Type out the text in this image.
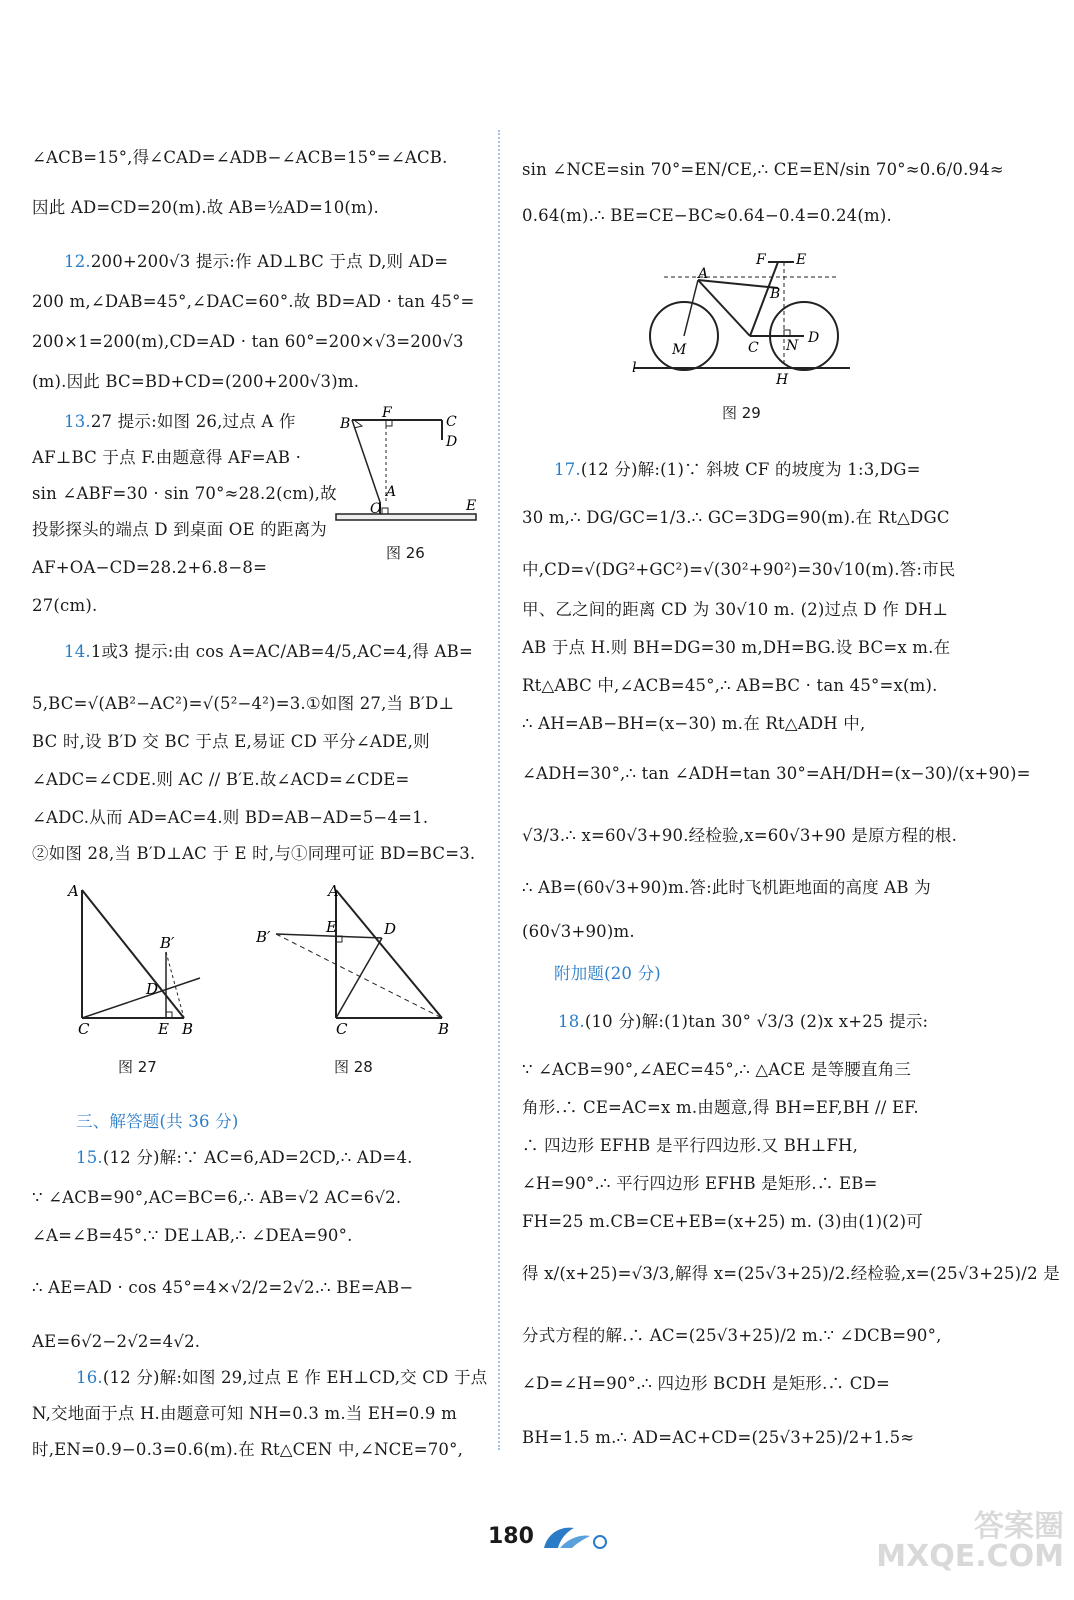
∠ACB=15°,得∠CAD=∠ADB−∠ACB=15°=∠ACB.
因此 AD=CD=20(m).故 AB=½AD=10(m).
12.200+200√3 提示:作 AD⊥BC 于点 D,则 AD=
200 m,∠DAB=45°,∠DAC=60°.故 BD=AD · tan 45°=
200×1=200(m),CD=AD · tan 60°=200×√3=200√3
(m).因此 BC=BD+CD=(200+200√3)m.
13.27 提示:如图 26,过点 A 作
AF⊥BC 于点 F.由题意得 AF=AB ·
sin ∠ABF=30 · sin 70°≈28.2(cm),故
投影探头的端点 D 到桌面 OE 的距离为
AF+OA−CD=28.2+6.8−8=
27(cm).
14.1或3 提示:由 cos A=AC/AB=4/5,AC=4,得 AB=
5,BC=√(AB²−AC²)=√(5²−4²)=3.①如图 27,当 B′D⊥
BC 时,设 B′D 交 BC 于点 E,易证 CD 平分∠ADE,则
∠ADC=∠CDE.则 AC // B′E.故∠ACD=∠CDE=
∠ADC.从而 AD=AC=4.则 BD=AB−AD=5−4=1.
②如图 28,当 B′D⊥AC 于 E 时,与①同理可证 BD=BC=3.
三、解答题(共 36 分)
15.(12 分)解:∵ AC=6,AD=2CD,∴ AD=4.
∵ ∠ACB=90°,AC=BC=6,∴ AB=√2 AC=6√2.
∠A=∠B=45°.∵ DE⊥AB,∴ ∠DEA=90°.
∴ AE=AD · cos 45°=4×√2/2=2√2.∴ BE=AB−
AE=6√2−2√2=4√2.
16.(12 分)解:如图 29,过点 E 作 EH⊥CD,交 CD 于点
N,交地面于点 H.由题意可知 NH=0.3 m.当 EH=0.9 m
时,EN=0.9−0.3=0.6(m).在 Rt△CEN 中,∠NCE=70°,
B
F
C
D
A
O	E
图 26
A
B′
D
C	E B
图 27
A
E	D
B′
C	B
图 28
sin ∠NCE=sin 70°=EN/CE,∴ CE=EN/sin 70°≈0.6/0.94≈
0.64(m).∴ BE=CE−BC≈0.64−0.4=0.24(m).
17.(12 分)解:(1)∵ 斜坡 CF 的坡度为 1:3,DG=
30 m,∴ DG/GC=1/3.∴ GC=3DG=90(m).在 Rt△DGC
中,CD=√(DG²+GC²)=√(30²+90²)=30√10(m).答:市民
甲、乙之间的距离 CD 为 30√10 m. (2)过点 D 作 DH⊥
AB 于点 H.则 BH=DG=30 m,DH=BG.设 BC=x m.在
Rt△ABC 中,∠ACB=45°,∴ AB=BC · tan 45°=x(m).
∴ AH=AB−BH=(x−30) m.在 Rt△ADH 中,
∠ADH=30°,∴ tan ∠ADH=tan 30°=AH/DH=(x−30)/(x+90)=
√3/3.∴ x=60√3+90.经检验,x=60√3+90 是原方程的根.
∴ AB=(60√3+90)m.答:此时飞机距地面的高度 AB 为
(60√3+90)m.
附加题(20 分)
18.(10 分)解:(1)tan 30° √3/3 (2)x x+25 提示:
∵ ∠ACB=90°,∠AEC=45°,∴ △ACE 是等腰直角三
角形.∴ CE=AC=x m.由题意,得 BH=EF,BH // EF.
∴ 四边形 EFHB 是平行四边形.又 BH⊥FH,
∠H=90°.∴ 平行四边形 EFHB 是矩形.∴ EB=
FH=25 m.CB=CE+EB=(x+25) m. (3)由(1)(2)可
得 x/(x+25)=√3/3,解得 x=(25√3+25)/2.经检验,x=(25√3+25)/2 是
分式方程的解.∴ AC=(25√3+25)/2 m.∵ ∠DCB=90°,
∠D=∠H=90°.∴ 四边形 BCDH 是矩形.∴ CD=
BH=1.5 m.∴ AD=AC+CD=(25√3+25)/2+1.5≈
F E
A
B
M	C N D
l
H
图 29
180	答案圈
MXQE.COM
